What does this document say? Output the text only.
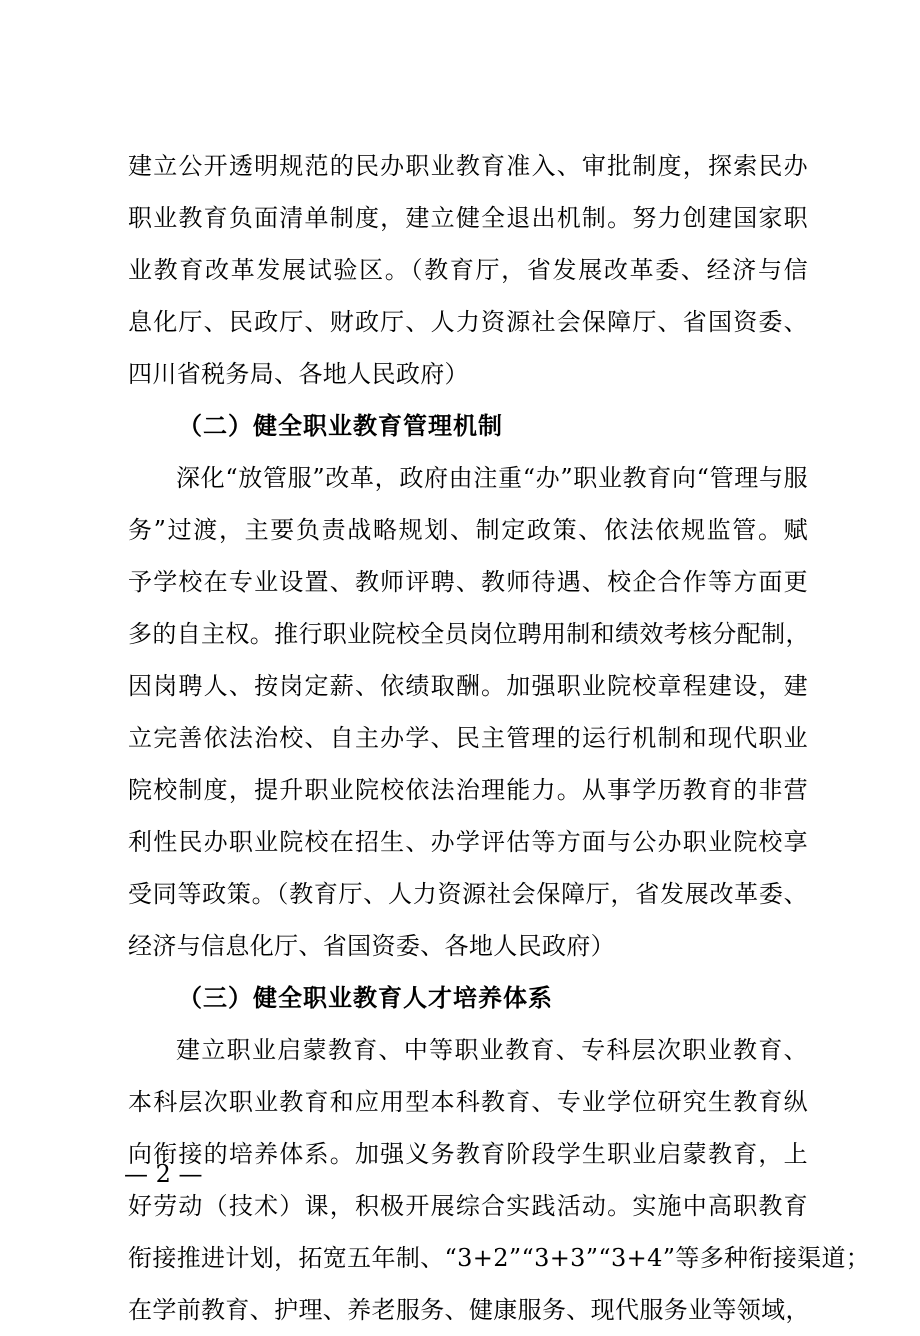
建立公开透明规范的民办职业教育准入、审批制度，探索民办
职业教育负面清单制度，建立健全退出机制。努力创建国家职
业教育改革发展试验区。（教育厅，省发展改革委、经济与信
息化厅、民政厅、财政厅、人力资源社会保障厅、省国资委、
四川省税务局、各地人民政府）
（二）健全职业教育管理机制
深化“放管服”改革，政府由注重“办”职业教育向“管理与服
务”过渡，主要负责战略规划、制定政策、依法依规监管。赋
予学校在专业设置、教师评聘、教师待遇、校企合作等方面更
多的自主权。推行职业院校全员岗位聘用制和绩效考核分配制，
因岗聘人、按岗定薪、依绩取酬。加强职业院校章程建设，建
立完善依法治校、自主办学、民主管理的运行机制和现代职业
院校制度，提升职业院校依法治理能力。从事学历教育的非营
利性民办职业院校在招生、办学评估等方面与公办职业院校享
受同等政策。（教育厅、人力资源社会保障厅，省发展改革委、
经济与信息化厅、省国资委、各地人民政府）
（三）健全职业教育人才培养体系
建立职业启蒙教育、中等职业教育、专科层次职业教育、
本科层次职业教育和应用型本科教育、专业学位研究生教育纵
向衔接的培养体系。加强义务教育阶段学生职业启蒙教育，上
好劳动（技术）课，积极开展综合实践活动。实施中高职教育
衔接推进计划，拓宽五年制、“3+2”“3+3”“3+4”等多种衔接渠道；
在学前教育、护理、养老服务、健康服务、现代服务业等领域，
— 2 —
